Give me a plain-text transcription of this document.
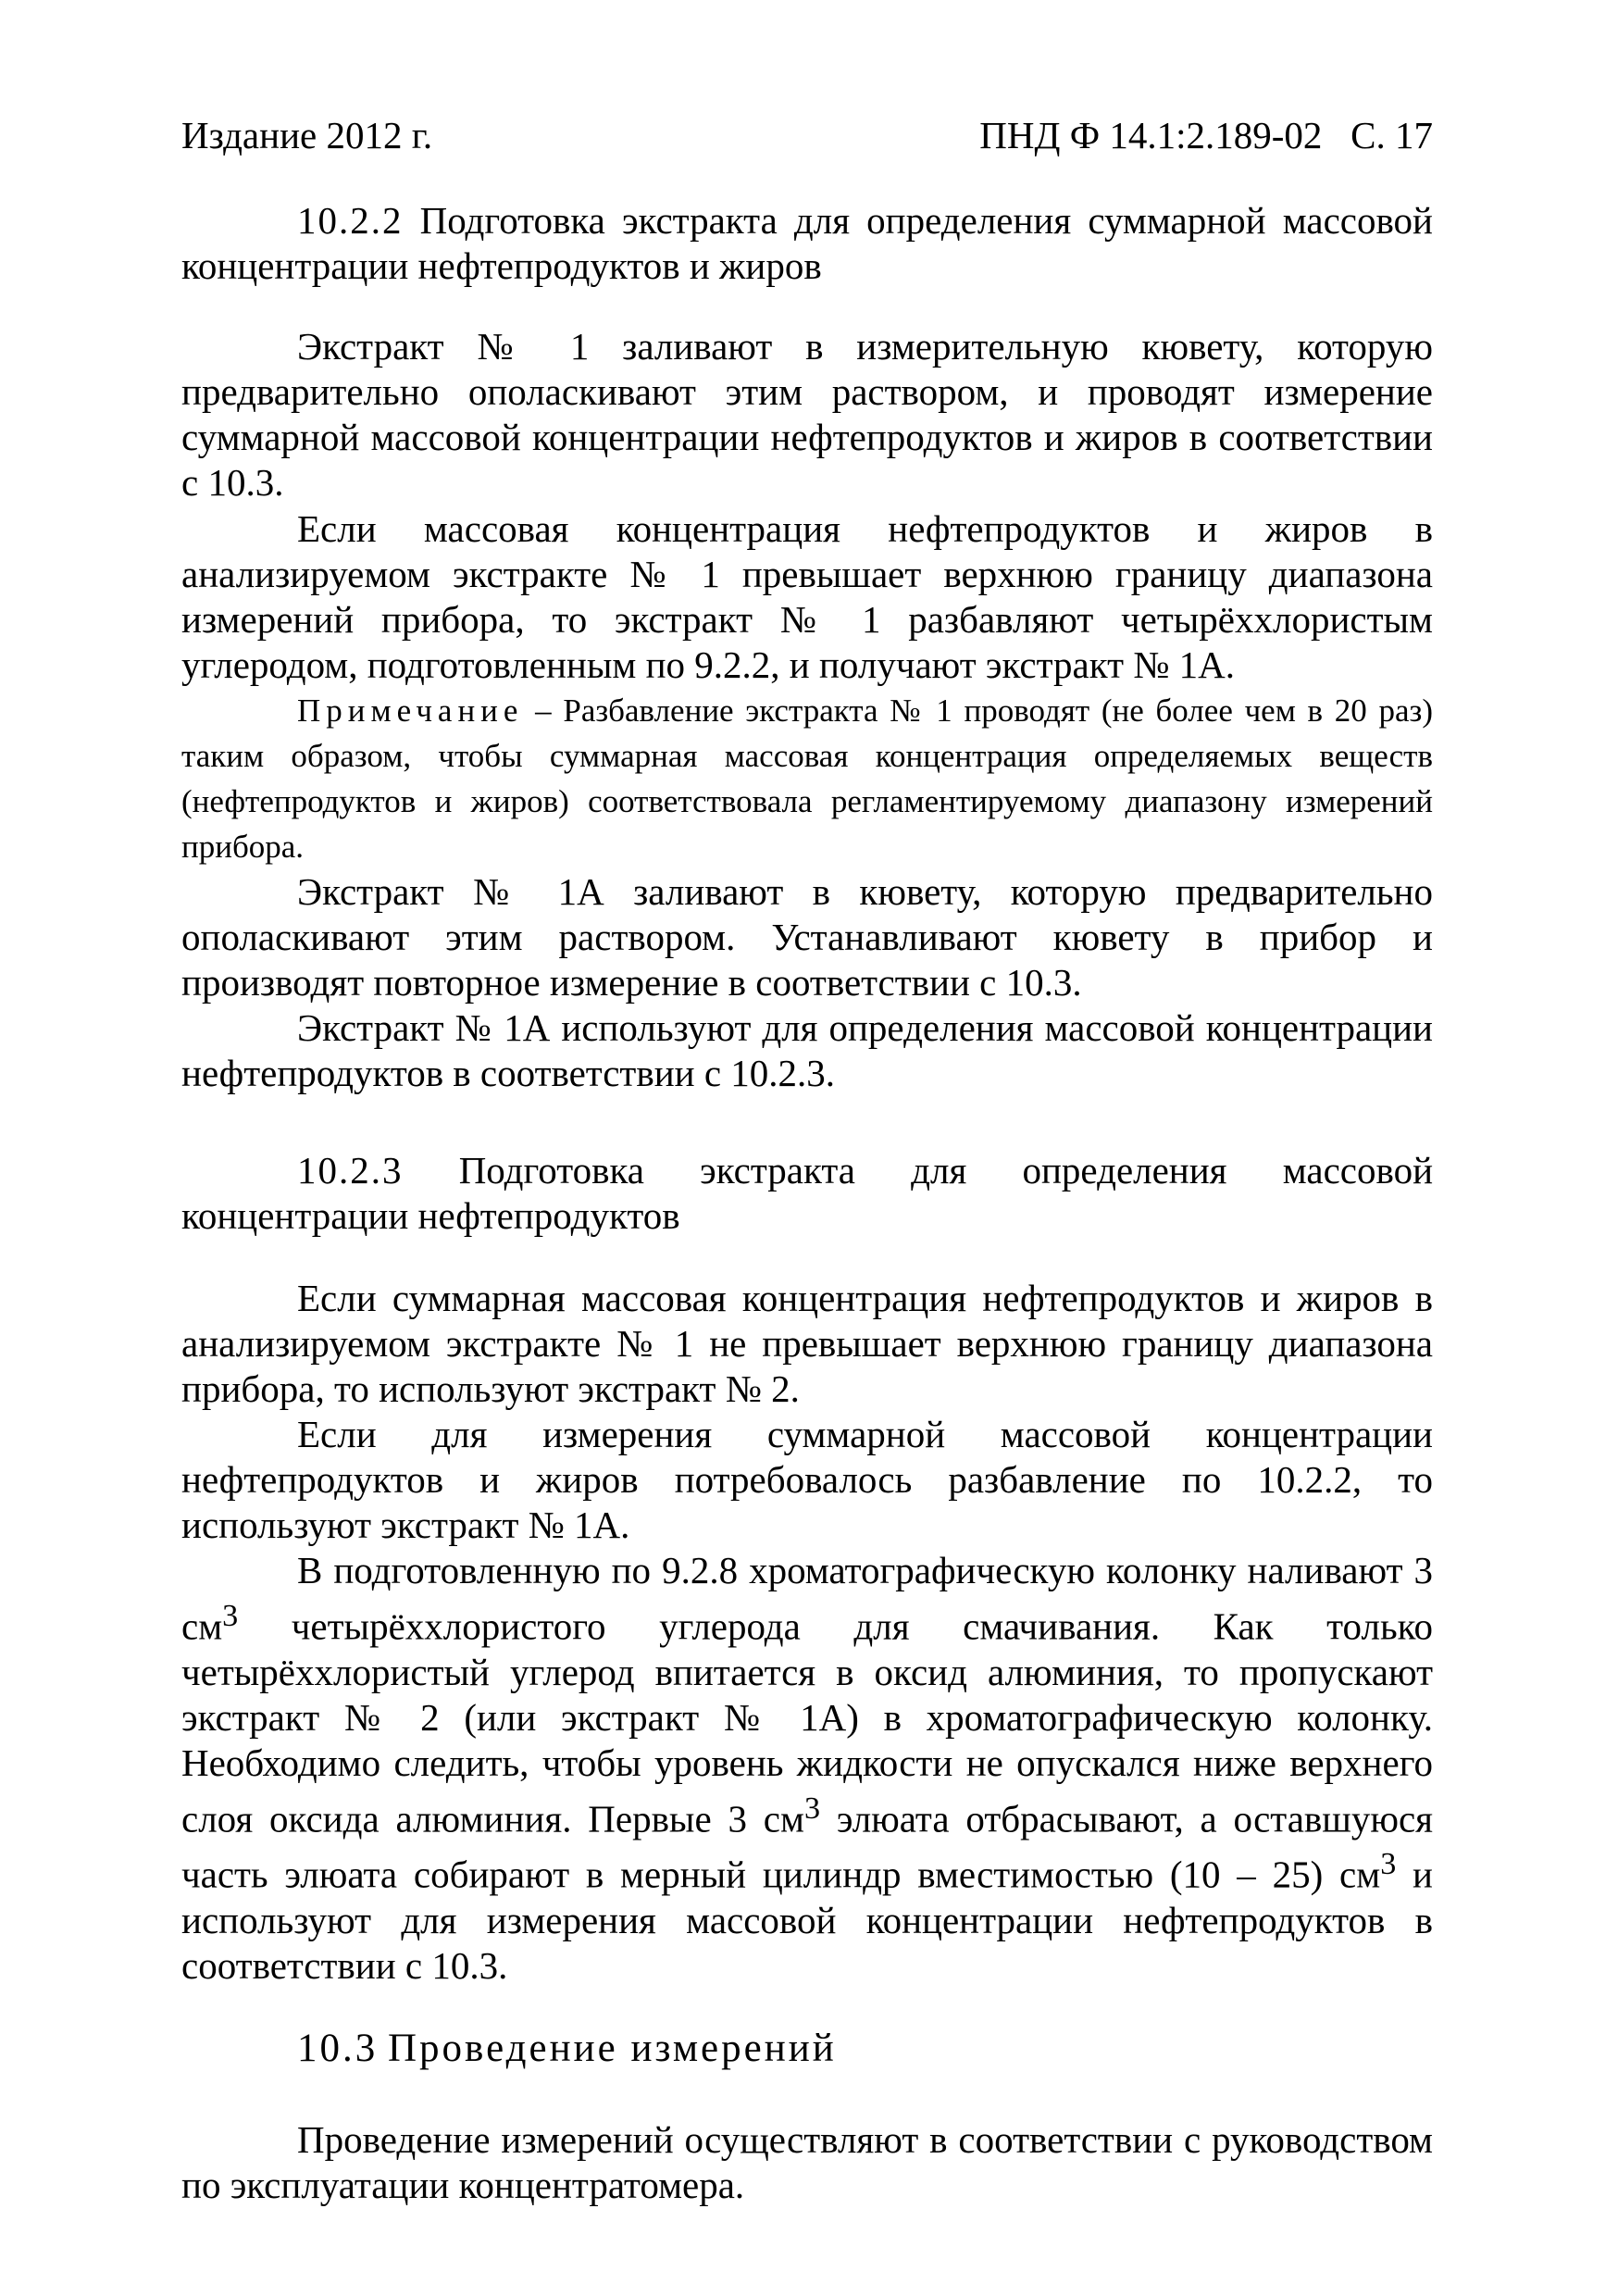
Издание 2012 г.	ПНД Ф 14.1:2.189-02 С. 17
10.2.2 Подготовка экстракта для определения суммарной массовой концентрации нефтепродуктов и жиров

Экстракт № 1 заливают в измерительную кювету, которую предварительно ополаскивают этим раствором, и проводят измерение суммарной массовой концентрации нефтепродуктов и жиров в соответствии с 10.3.

Если массовая концентрация нефтепродуктов и жиров в анализируемом экстракте № 1 превышает верхнюю границу диапазона измерений прибора, то экстракт № 1 разбавляют четырёххлористым углеродом, подготовленным по 9.2.2, и получают экстракт № 1А.

Примечание – Разбавление экстракта № 1 проводят (не более чем в 20 раз) таким образом, чтобы суммарная массовая концентрация определяемых веществ (нефтепродуктов и жиров) соответствовала регламентируемому диапазону измерений прибора.

Экстракт № 1А заливают в кювету, которую предварительно ополаскивают этим раствором. Устанавливают кювету в прибор и производят повторное измерение в соответствии с 10.3.

Экстракт № 1А используют для определения массовой концентрации нефтепродуктов в соответствии с 10.2.3.

10.2.3 Подготовка экстракта для определения массовой концентрации нефтепродуктов

Если суммарная массовая концентрация нефтепродуктов и жиров в анализируемом экстракте № 1 не превышает верхнюю границу диапазона прибора, то используют экстракт № 2.

Если для измерения суммарной массовой концентрации нефтепродуктов и жиров потребовалось разбавление по 10.2.2, то используют экстракт № 1А.

В подготовленную по 9.2.8 хроматографическую колонку наливают 3 $см^3$ четырёххлористого углерода для смачивания. Как только четырёххлористый углерод впитается в оксид алюминия, то пропускают экстракт № 2 (или экстракт № 1А) в хроматографическую колонку. Необходимо следить, чтобы уровень жидкости не опускался ниже верхнего слоя оксида алюминия. Первые 3 $см^3$ элюата отбрасывают, а оставшуюся часть элюата собирают в мерный цилиндр вместимостью (10 – 25) $см^3$ и используют для измерения массовой концентрации нефтепродуктов в соответствии с 10.3.

10.3 Проведение измерений

Проведение измерений осуществляют в соответствии с руководством по эксплуатации концентратомера.
